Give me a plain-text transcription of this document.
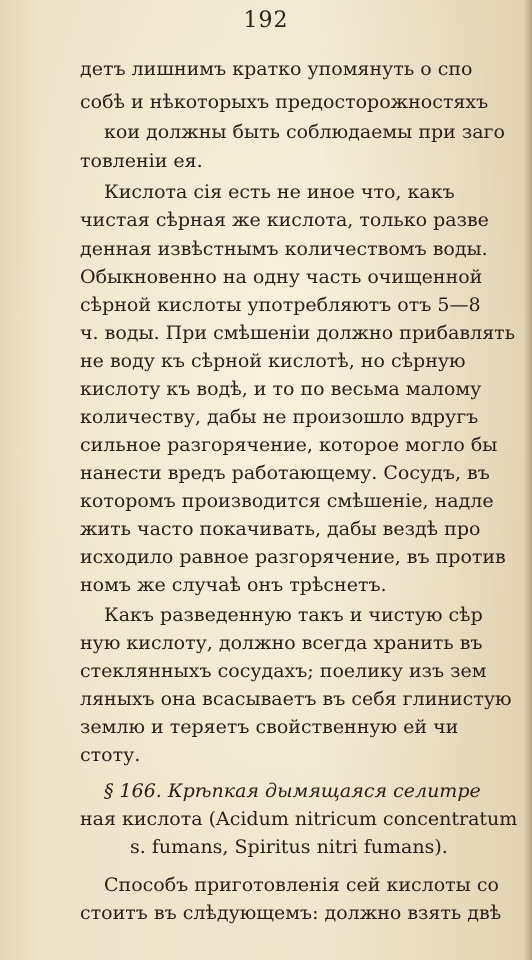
192
детъ лишнимъ кратко упомянуть о спо
собѣ и нѣкоторыхъ предосторожностяхъ
кои должны быть соблюдаемы при заго
товленіи ея.
Кислота сія есть не иное что, какъ
чистая сѣрная же кислота, только разве
денная извѣстнымъ количествомъ воды.
Обыкновенно на одну часть очищенной
сѣрной кислоты употребляютъ отъ 5—8
ч. воды. При смѣшеніи должно прибавлять
не воду къ сѣрной кислотѣ, но сѣрную
кислоту къ водѣ, и то по весьма малому
количеству, дабы не произошло вдругъ
сильное разгорячение, которое могло бы
нанести вредъ работающему. Сосудъ, въ
которомъ производится смѣшеніе, надле
жить часто покачивать, дабы вездѣ про
исходило равное разгорячение, въ против
номъ же случаѣ онъ трѣснетъ.
Какъ разведенную такъ и чистую сѣр
ную кислоту, должно всегда хранить въ
стеклянныхъ сосудахъ; поелику изъ зем
ляныхъ она всасываетъ въ себя глинистую
землю и теряетъ свойственную ей чи
стоту.
§ 166. Крѣпкая дымящаяся селитре
ная кислота (Acidum nitricum concentratum
s. fumans, Spiritus nitri fumans).
Способъ приготовленія сей кислоты со
стоитъ въ слѣдующемъ: должно взять двѣ
